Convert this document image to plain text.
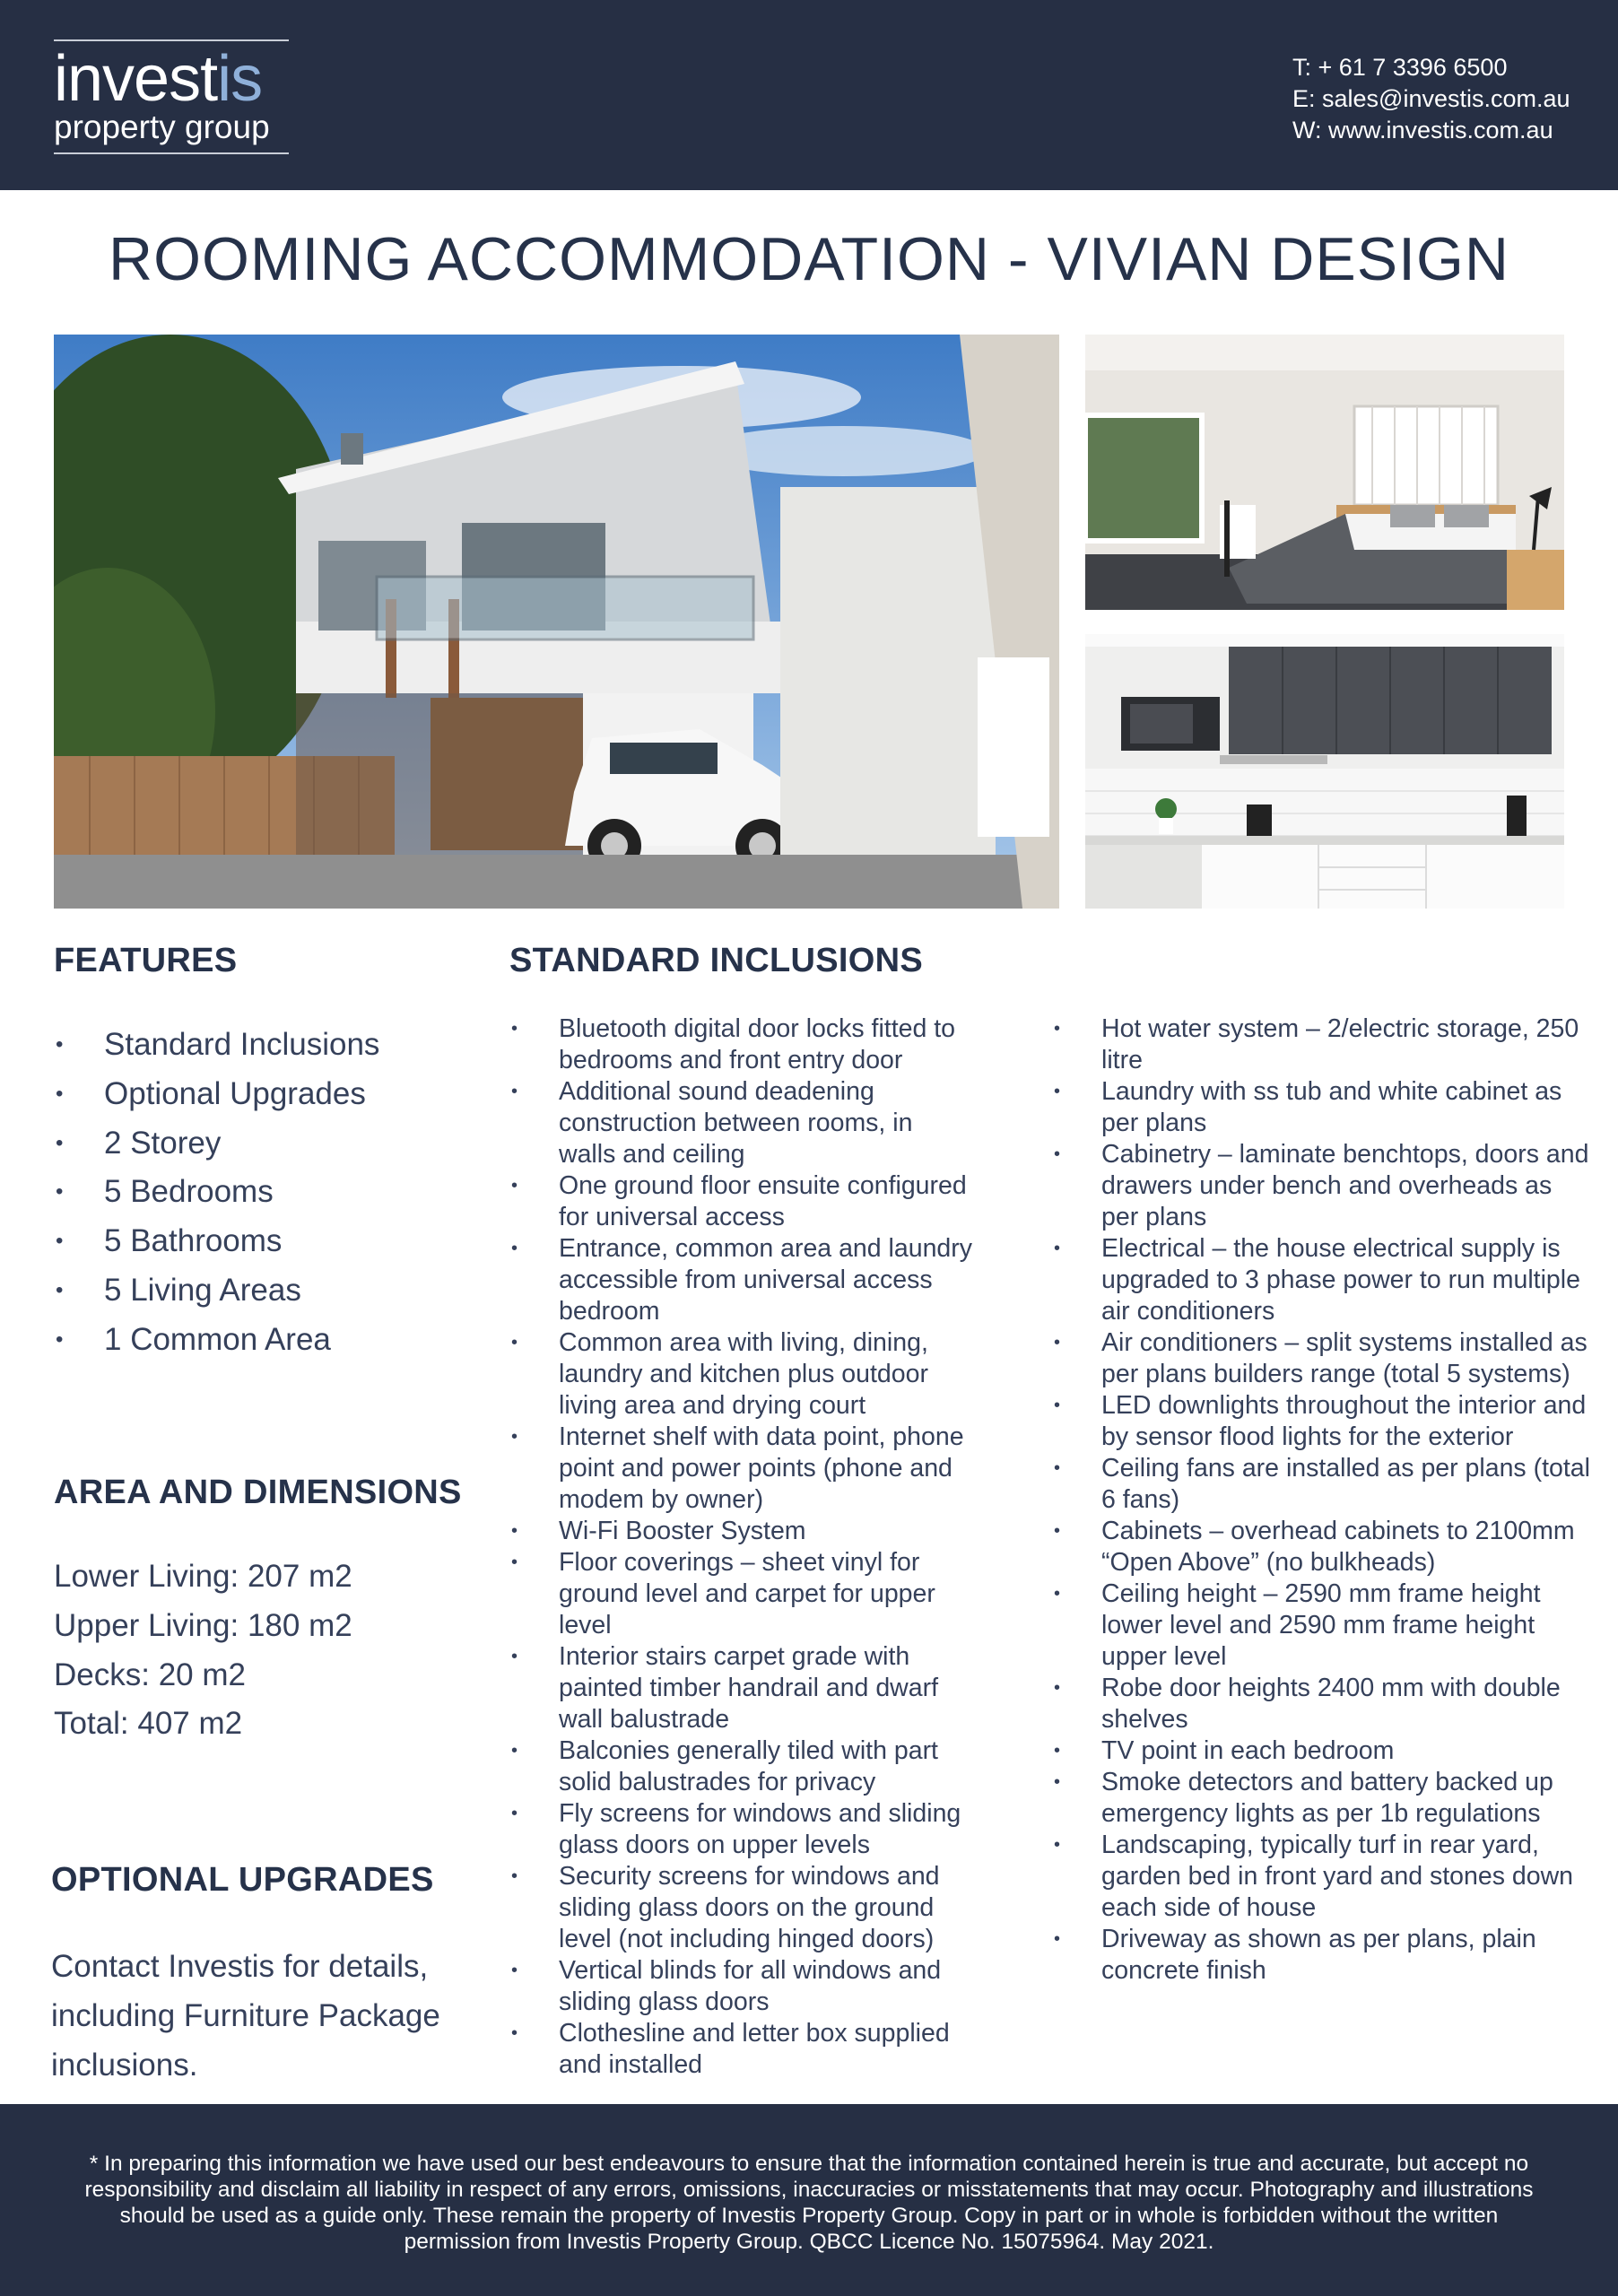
investis
property group
T: + 61 7 3396 6500
E: sales@investis.com.au
W: www.investis.com.au
ROOMING ACCOMMODATION - VIVIAN DESIGN
FEATURES
• Standard Inclusions
• Optional Upgrades
• 2 Storey
• 5 Bedrooms
• 5 Bathrooms
• 5 Living Areas
• 1 Common Area
AREA AND DIMENSIONS
Lower Living: 207 m2
Upper Living: 180 m2
Decks: 20 m2
Total: 407 m2
OPTIONAL UPGRADES
Contact Investis for details, including Furniture Package inclusions.
STANDARD INCLUSIONS
• Bluetooth digital door locks fitted to bedrooms and front entry door
• Additional sound deadening construction between rooms, in walls and ceiling
• One ground floor ensuite configured for universal access
• Entrance, common area and laundry accessible from universal access bedroom
• Common area with living, dining, laundry and kitchen plus outdoor living area and drying court
• Internet shelf with data point, phone point and power points (phone and modem by owner)
• Wi-Fi Booster System
• Floor coverings – sheet vinyl for ground level and carpet for upper level
• Interior stairs carpet grade with painted timber handrail and dwarf wall balustrade
• Balconies generally tiled with part solid balustrades for privacy
• Fly screens for windows and sliding glass doors on upper levels
• Security screens for windows and sliding glass doors on the ground level (not including hinged doors)
• Vertical blinds for all windows and sliding glass doors
• Clothesline and letter box supplied and installed
• Hot water system – 2/electric storage, 250 litre
• Laundry with ss tub and white cabinet as per plans
• Cabinetry – laminate benchtops, doors and drawers under bench and overheads as per plans
• Electrical – the house electrical supply is upgraded to 3 phase power to run multiple air conditioners
• Air conditioners – split systems installed as per plans builders range (total 5 systems)
• LED downlights throughout the interior and by sensor flood lights for the exterior
• Ceiling fans are installed as per plans (total 6 fans)
• Cabinets – overhead cabinets to 2100mm “Open Above” (no bulkheads)
• Ceiling height – 2590 mm frame height lower level and 2590 mm frame height upper level
• Robe door heights 2400 mm with double shelves
• TV point in each bedroom
• Smoke detectors and battery backed up emergency lights as per 1b regulations
• Landscaping, typically turf in rear yard, garden bed in front yard and stones down each side of house
• Driveway as shown as per plans, plain concrete finish

* In preparing this information we have used our best endeavours to ensure that the information contained herein is true and accurate, but accept no responsibility and disclaim all liability in respect of any errors, omissions, inaccuracies or misstatements that may occur. Photography and illustrations should be used as a guide only. These remain the property of Investis Property Group. Copy in part or in whole is forbidden without the written permission from Investis Property Group. QBCC Licence No. 15075964. May 2021.
